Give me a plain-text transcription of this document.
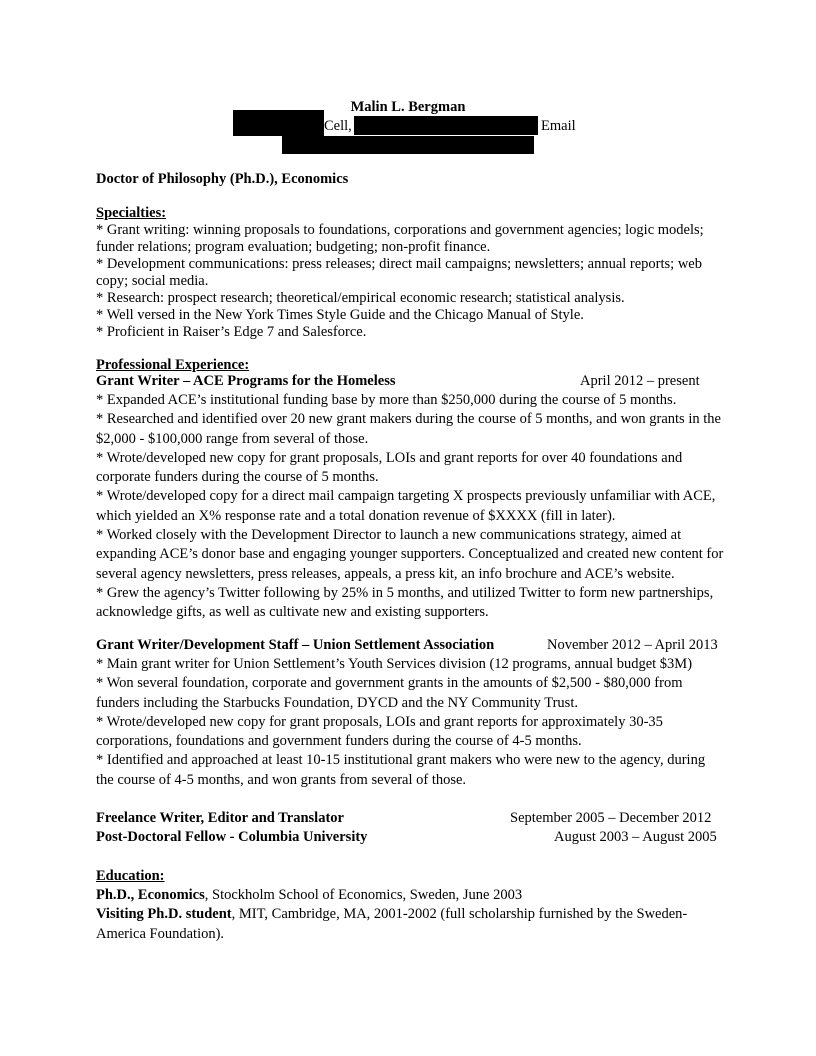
Malin L. Bergman
Cell,	Email
Doctor of Philosophy (Ph.D.), Economics
Specialties:
* Grant writing: winning proposals to foundations, corporations and government agencies; logic models; funder relations; program evaluation; budgeting; non-profit finance.
* Development communications: press releases; direct mail campaigns; newsletters; annual reports; web copy; social media.
* Research: prospect research; theoretical/empirical economic research; statistical analysis.
* Well versed in the New York Times Style Guide and the Chicago Manual of Style.
* Proficient in Raiser’s Edge 7 and Salesforce.
Professional Experience:
Grant Writer – ACE Programs for the Homeless	April 2012 – present
* Expanded ACE’s institutional funding base by more than $250,000 during the course of 5 months.
* Researched and identified over 20 new grant makers during the course of 5 months, and won grants in the $2,000 - $100,000 range from several of those.
* Wrote/developed new copy for grant proposals, LOIs and grant reports for over 40 foundations and corporate funders during the course of 5 months.
* Wrote/developed copy for a direct mail campaign targeting X prospects previously unfamiliar with ACE, which yielded an X% response rate and a total donation revenue of $XXXX (fill in later).
* Worked closely with the Development Director to launch a new communications strategy, aimed at expanding ACE’s donor base and engaging younger supporters. Conceptualized and created new content for several agency newsletters, press releases, appeals, a press kit, an info brochure and ACE’s website.
* Grew the agency’s Twitter following by 25% in 5 months, and utilized Twitter to form new partnerships, acknowledge gifts, as well as cultivate new and existing supporters.
Grant Writer/Development Staff – Union Settlement Association	November 2012 – April 2013
* Main grant writer for Union Settlement’s Youth Services division (12 programs, annual budget $3M)
* Won several foundation, corporate and government grants in the amounts of $2,500 - $80,000 from funders including the Starbucks Foundation, DYCD and the NY Community Trust.
* Wrote/developed new copy for grant proposals, LOIs and grant reports for approximately 30-35 corporations, foundations and government funders during the course of 4-5 months.
* Identified and approached at least 10-15 institutional grant makers who were new to the agency, during the course of 4-5 months, and won grants from several of those.
Freelance Writer, Editor and Translator	September 2005 – December 2012
Post-Doctoral Fellow - Columbia University	August 2003 – August 2005
Education:
Ph.D., Economics, Stockholm School of Economics, Sweden, June 2003
Visiting Ph.D. student, MIT, Cambridge, MA, 2001-2002 (full scholarship furnished by the Sweden-America Foundation).
